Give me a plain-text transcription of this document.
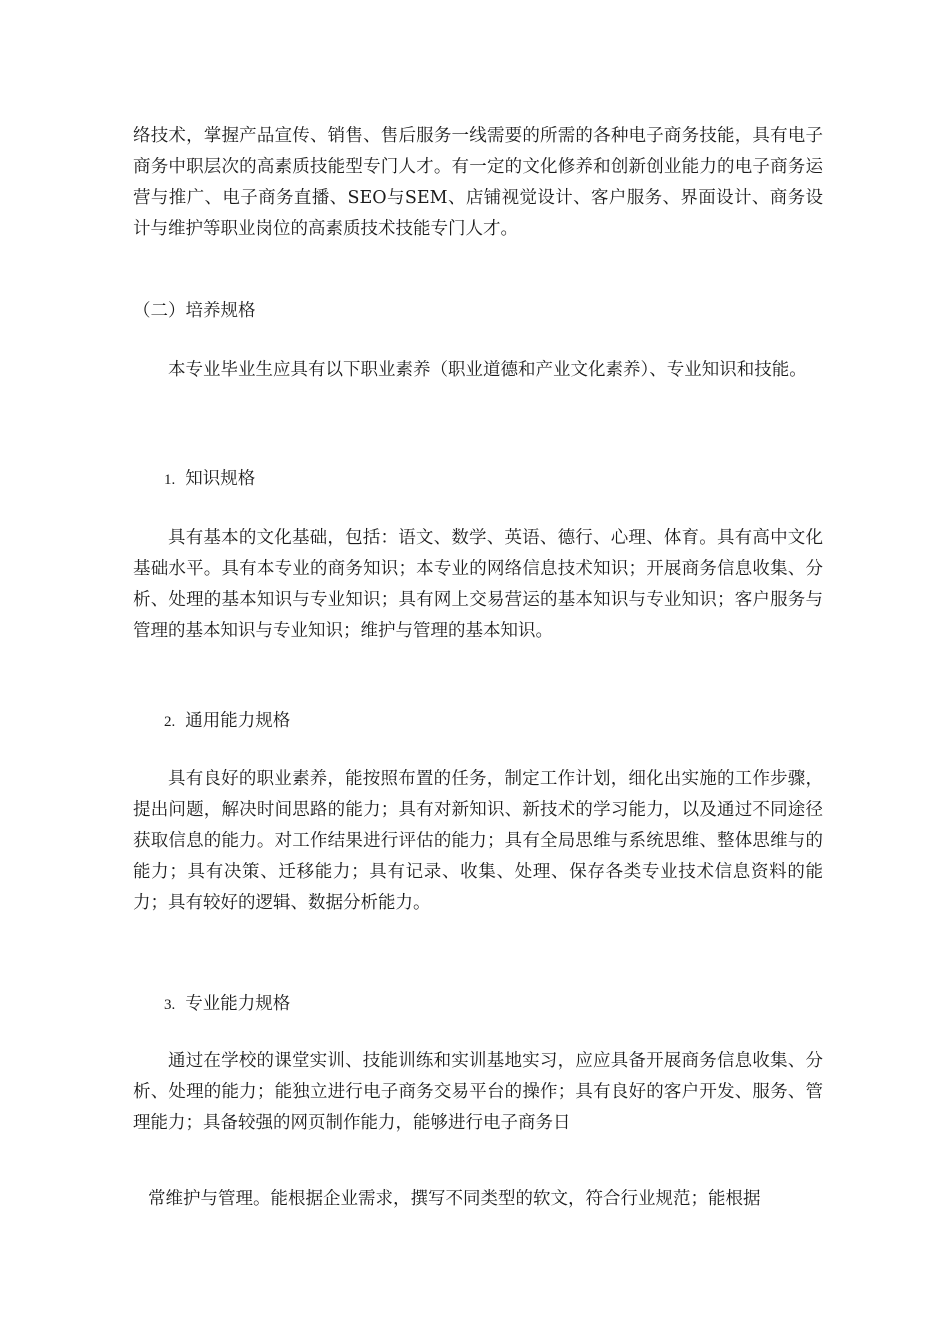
络技术，掌握产品宣传、销售、售后服务一线需要的所需的各种电子商务技能，具有电子商务中职层次的高素质技能型专门人才。有一定的文化修养和创新创业能力的电子商务运营与推广、电子商务直播、SEO与SEM、店铺视觉设计、客户服务、界面设计、商务设计与维护等职业岗位的高素质技术技能专门人才。

（二）培养规格

本专业毕业生应具有以下职业素养（职业道德和产业文化素养）、专业知识和技能。

1. 知识规格

具有基本的文化基础，包括：语文、数学、英语、德行、心理、体育。具有高中文化基础水平。具有本专业的商务知识；本专业的网络信息技术知识；开展商务信息收集、分析、处理的基本知识与专业知识；具有网上交易营运的基本知识与专业知识；客户服务与管理的基本知识与专业知识；维护与管理的基本知识。

2. 通用能力规格

具有良好的职业素养，能按照布置的任务，制定工作计划，细化出实施的工作步骤，提出问题，解决时间思路的能力；具有对新知识、新技术的学习能力，以及通过不同途径获取信息的能力。对工作结果进行评估的能力；具有全局思维与系统思维、整体思维与的能力；具有决策、迁移能力；具有记录、收集、处理、保存各类专业技术信息资料的能力；具有较好的逻辑、数据分析能力。

3. 专业能力规格

通过在学校的课堂实训、技能训练和实训基地实习，应应具备开展商务信息收集、分析、处理的能力；能独立进行电子商务交易平台的操作；具有良好的客户开发、服务、管理能力；具备较强的网页制作能力，能够进行电子商务日

常维护与管理。能根据企业需求，撰写不同类型的软文，符合行业规范；能根据
